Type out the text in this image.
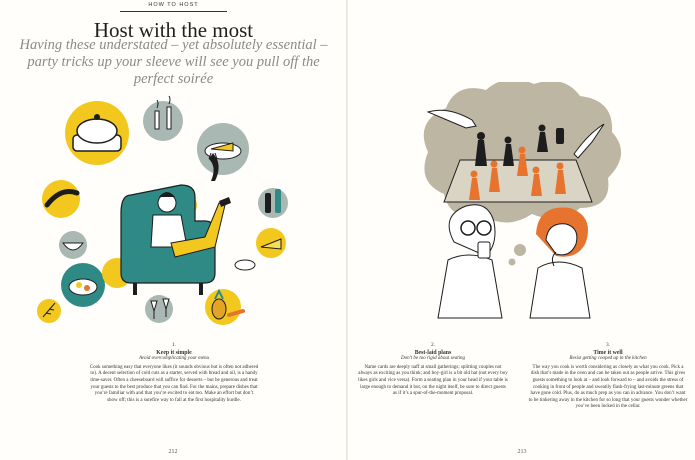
HOW TO HOST
Host with the most
Having these understated – yet absolutely essential – party tricks up your sleeve will see you pull off the perfect soirée
1.
Keep it simple
Avoid overcomplicating your menu
Cook something easy that everyone likes (it sounds obvious but is often not adhered to). A decent selection of cold cuts as a starter, served with bread and oil, is a handy time-saver. Often a cheeseboard will suffice for desserts – but be generous and treat your guests to the best produce that you can find. For the mains, prepare dishes that you’re familiar with and that you’re excited to eat too. Make an effort but don’t show off; this is a surefire way to fall at the first hospitality hurdle.
212
2.
Best-laid plans
Don’t be too rigid about seating
Name cards are deeply naff at small gatherings; splitting couples not always as exciting as you think; and boy-girl is a bit old hat (not every boy likes girls and vice versa). Form a seating plan in your head if your table is large enough to demand it but, on the night itself, be sure to direct guests as if it’s a spur-of-the-moment proposal.
3.
Time it well
Resist getting cooped up in the kitchen
The way you cook is worth considering as closely as what you cook. Pick a dish that’s made in the oven and can be taken out as people arrive. This gives guests something to look at – and look forward to – and avoids the stress of cooking in front of people and sweatily flash-frying last-minute greens that have gone cold. Plus, do as much prep as you can in advance. You don’t want to be tinkering away in the kitchen for so long that your guests wonder whether you’ve been locked in the cellar.
213
